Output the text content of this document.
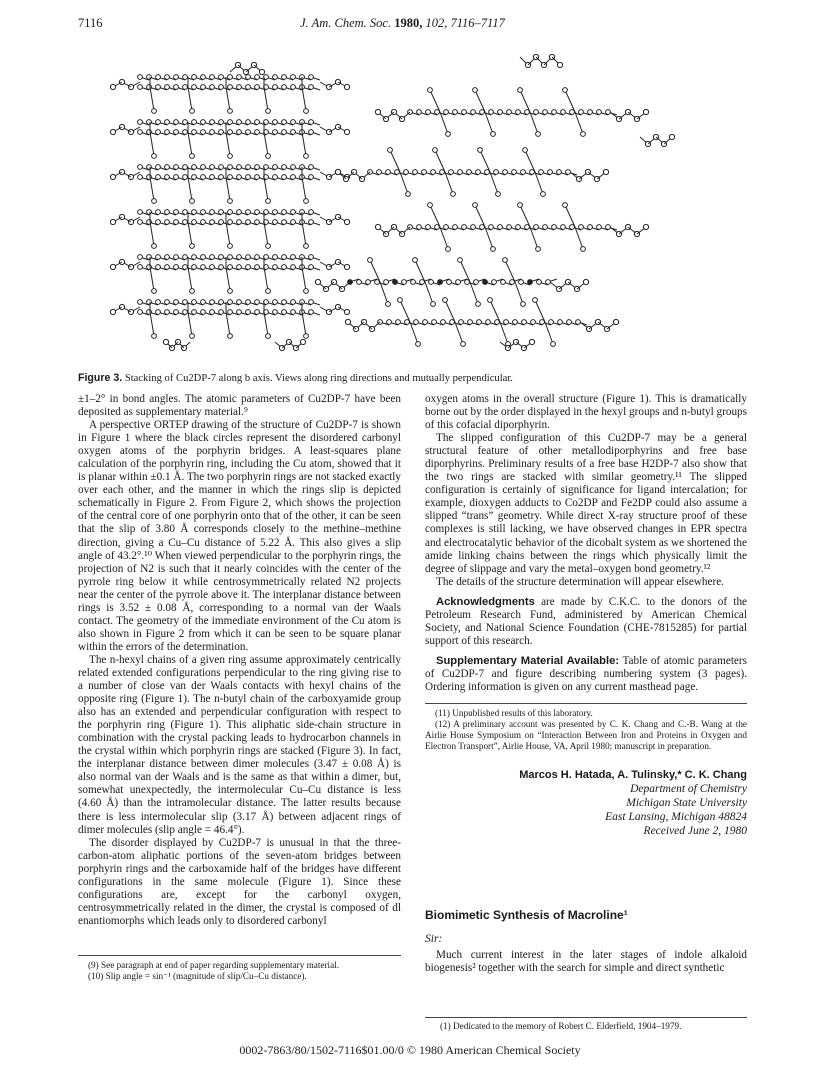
7116	J. Am. Chem. Soc. 1980, 102, 7116–7117
Figure 3. Stacking of Cu2DP-7 along b axis. Views along ring directions and mutually perpendicular.

±1–2° in bond angles. The atomic parameters of Cu2DP-7 have been deposited as supplementary material.⁹

A perspective ORTEP drawing of the structure of Cu2DP-7 is shown in Figure 1 where the black circles represent the disordered carbonyl oxygen atoms of the porphyrin bridges. A least-squares plane calculation of the porphyrin ring, including the Cu atom, showed that it is planar within ±0.1 Å. The two porphyrin rings are not stacked exactly over each other, and the manner in which the rings slip is depicted schematically in Figure 2. From Figure 2, which shows the projection of the central core of one porphyrin onto that of the other, it can be seen that the slip of 3.80 Å corresponds closely to the methine–methine direction, giving a Cu–Cu distance of 5.22 Å. This also gives a slip angle of 43.2°.¹⁰ When viewed perpendicular to the porphyrin rings, the projection of N2 is such that it nearly coincides with the center of the pyrrole ring below it while centrosymmetrically related N2 projects near the center of the pyrrole above it. The interplanar distance between rings is 3.52 ± 0.08 Å, corresponding to a normal van der Waals contact. The geometry of the immediate environment of the Cu atom is also shown in Figure 2 from which it can be seen to be square planar within the errors of the determination.

The n-hexyl chains of a given ring assume approximately centrically related extended configurations perpendicular to the ring giving rise to a number of close van der Waals contacts with hexyl chains of the opposite ring (Figure 1). The n-butyl chain of the carboxyamide group also has an extended and perpendicular configuration with respect to the porphyrin ring (Figure 1). This aliphatic side-chain structure in combination with the crystal packing leads to hydrocarbon channels in the crystal within which porphyrin rings are stacked (Figure 3). In fact, the interplanar distance between dimer molecules (3.47 ± 0.08 Å) is also normal van der Waals and is the same as that within a dimer, but, somewhat unexpectedly, the intermolecular Cu–Cu distance is less (4.60 Å) than the intramolecular distance. The latter results because there is less intermolecular slip (3.17 Å) between adjacent rings of dimer molecules (slip angle = 46.4°).

The disorder displayed by Cu2DP-7 is unusual in that the three-carbon-atom aliphatic portions of the seven-atom bridges between porphyrin rings and the carboxamide half of the bridges have different configurations in the same molecule (Figure 1). Since these configurations are, except for the carbonyl oxygen, centrosymmetrically related in the dimer, the crystal is composed of dl enantiomorphs which leads only to disordered carbonyl

(9) See paragraph at end of paper regarding supplementary material.
(10) Slip angle = sin⁻¹ (magnitude of slip/Cu–Cu distance).

oxygen atoms in the overall structure (Figure 1). This is dramatically borne out by the order displayed in the hexyl groups and n-butyl groups of this cofacial diporphyrin.

The slipped configuration of this Cu2DP-7 may be a general structural feature of other metallodiporphyrins and free base diporphyrins. Preliminary results of a free base H2DP-7 also show that the two rings are stacked with similar geometry.¹¹ The slipped configuration is certainly of significance for ligand intercalation; for example, dioxygen adducts to Co2DP and Fe2DP could also assume a slipped “trans” geometry. While direct X-ray structure proof of these complexes is still lacking, we have observed changes in EPR spectra and electrocatalytic behavior of the dicobalt system as we shortened the amide linking chains between the rings which physically limit the degree of slippage and vary the metal–oxygen bond geometry.¹²

The details of the structure determination will appear elsewhere.

Acknowledgments are made by C.K.C. to the donors of the Petroleum Research Fund, administered by American Chemical Society, and National Science Foundation (CHE-7815285) for partial support of this research.

Supplementary Material Available: Table of atomic parameters of Cu2DP-7 and figure describing numbering system (3 pages). Ordering information is given on any current masthead page.

(11) Unpublished results of this laboratory.
(12) A preliminary account was presented by C. K. Chang and C.-B. Wang at the Airlie House Symposium on “Interaction Between Iron and Proteins in Oxygen and Electron Transport”, Airlie House, VA, April 1980; manuscript in preparation.
Marcos H. Hatada, A. Tulinsky,* C. K. Chang
Department of Chemistry
Michigan State University
East Lansing, Michigan 48824
Received June 2, 1980
Biomimetic Synthesis of Macroline¹
Sir:
Much current interest in the later stages of indole alkaloid biogenesis² together with the search for simple and direct synthetic
(1) Dedicated to the memory of Robert C. Elderfield, 1904–1979.
0002-7863/80/1502-7116$01.00/0 © 1980 American Chemical Society
